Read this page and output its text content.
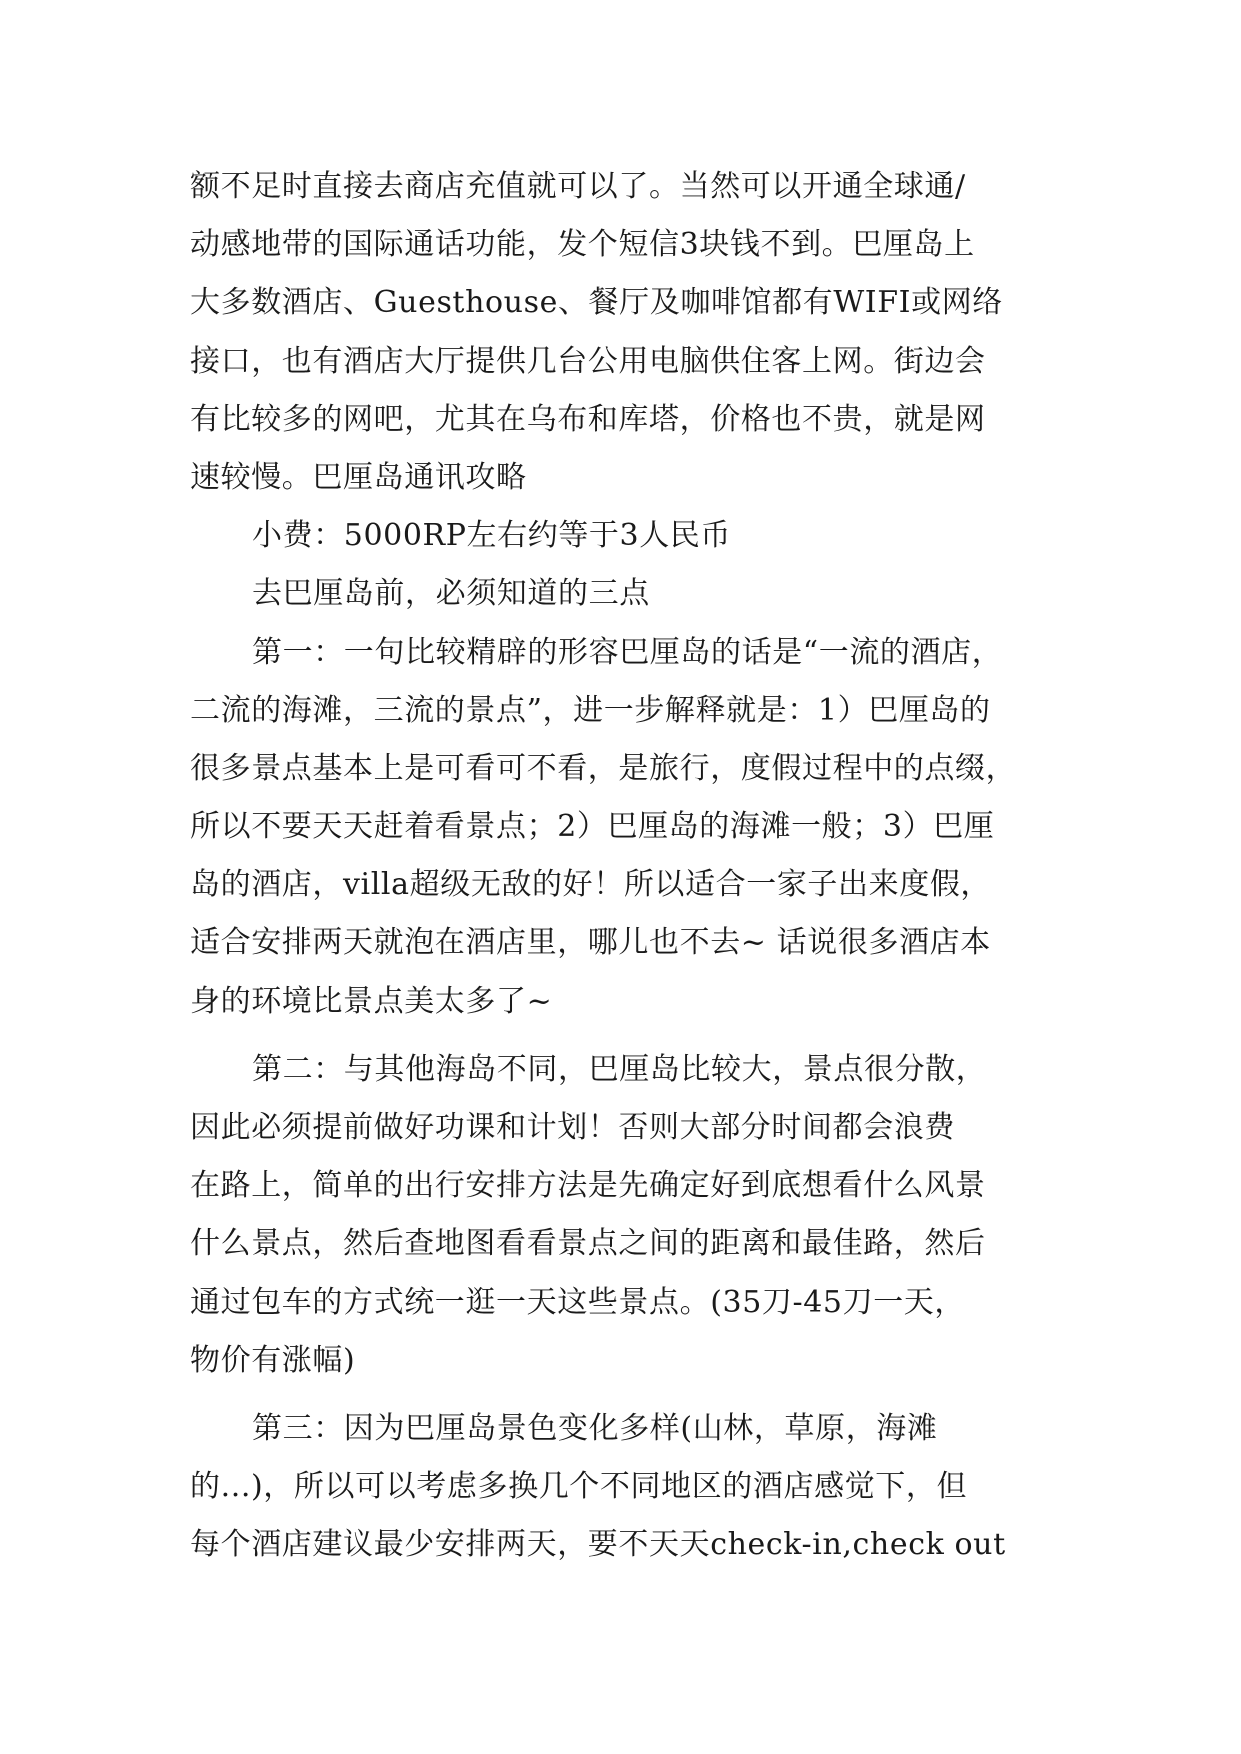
额不足时直接去商店充值就可以了。当然可以开通全球通/
动感地带的国际通话功能，发个短信3块钱不到。巴厘岛上
大多数酒店、Guesthouse、餐厅及咖啡馆都有WIFI或网络
接口，也有酒店大厅提供几台公用电脑供住客上网。街边会
有比较多的网吧，尤其在乌布和库塔，价格也不贵，就是网
速较慢。巴厘岛通讯攻略
小费：5000RP左右约等于3人民币
去巴厘岛前，必须知道的三点
第一：一句比较精辟的形容巴厘岛的话是“一流的酒店，
二流的海滩，三流的景点”，进一步解释就是：1）巴厘岛的
很多景点基本上是可看可不看，是旅行，度假过程中的点缀，
所以不要天天赶着看景点；2）巴厘岛的海滩一般；3）巴厘
岛的酒店，villa超级无敌的好！所以适合一家子出来度假，
适合安排两天就泡在酒店里，哪儿也不去~ 话说很多酒店本
身的环境比景点美太多了~
第二：与其他海岛不同，巴厘岛比较大，景点很分散，
因此必须提前做好功课和计划！否则大部分时间都会浪费
在路上，简单的出行安排方法是先确定好到底想看什么风景
什么景点，然后查地图看看景点之间的距离和最佳路，然后
通过包车的方式统一逛一天这些景点。(35刀-45刀一天，
物价有涨幅)
第三：因为巴厘岛景色变化多样(山林，草原，海滩
的...)，所以可以考虑多换几个不同地区的酒店感觉下，但
每个酒店建议最少安排两天，要不天天check-in,check out
